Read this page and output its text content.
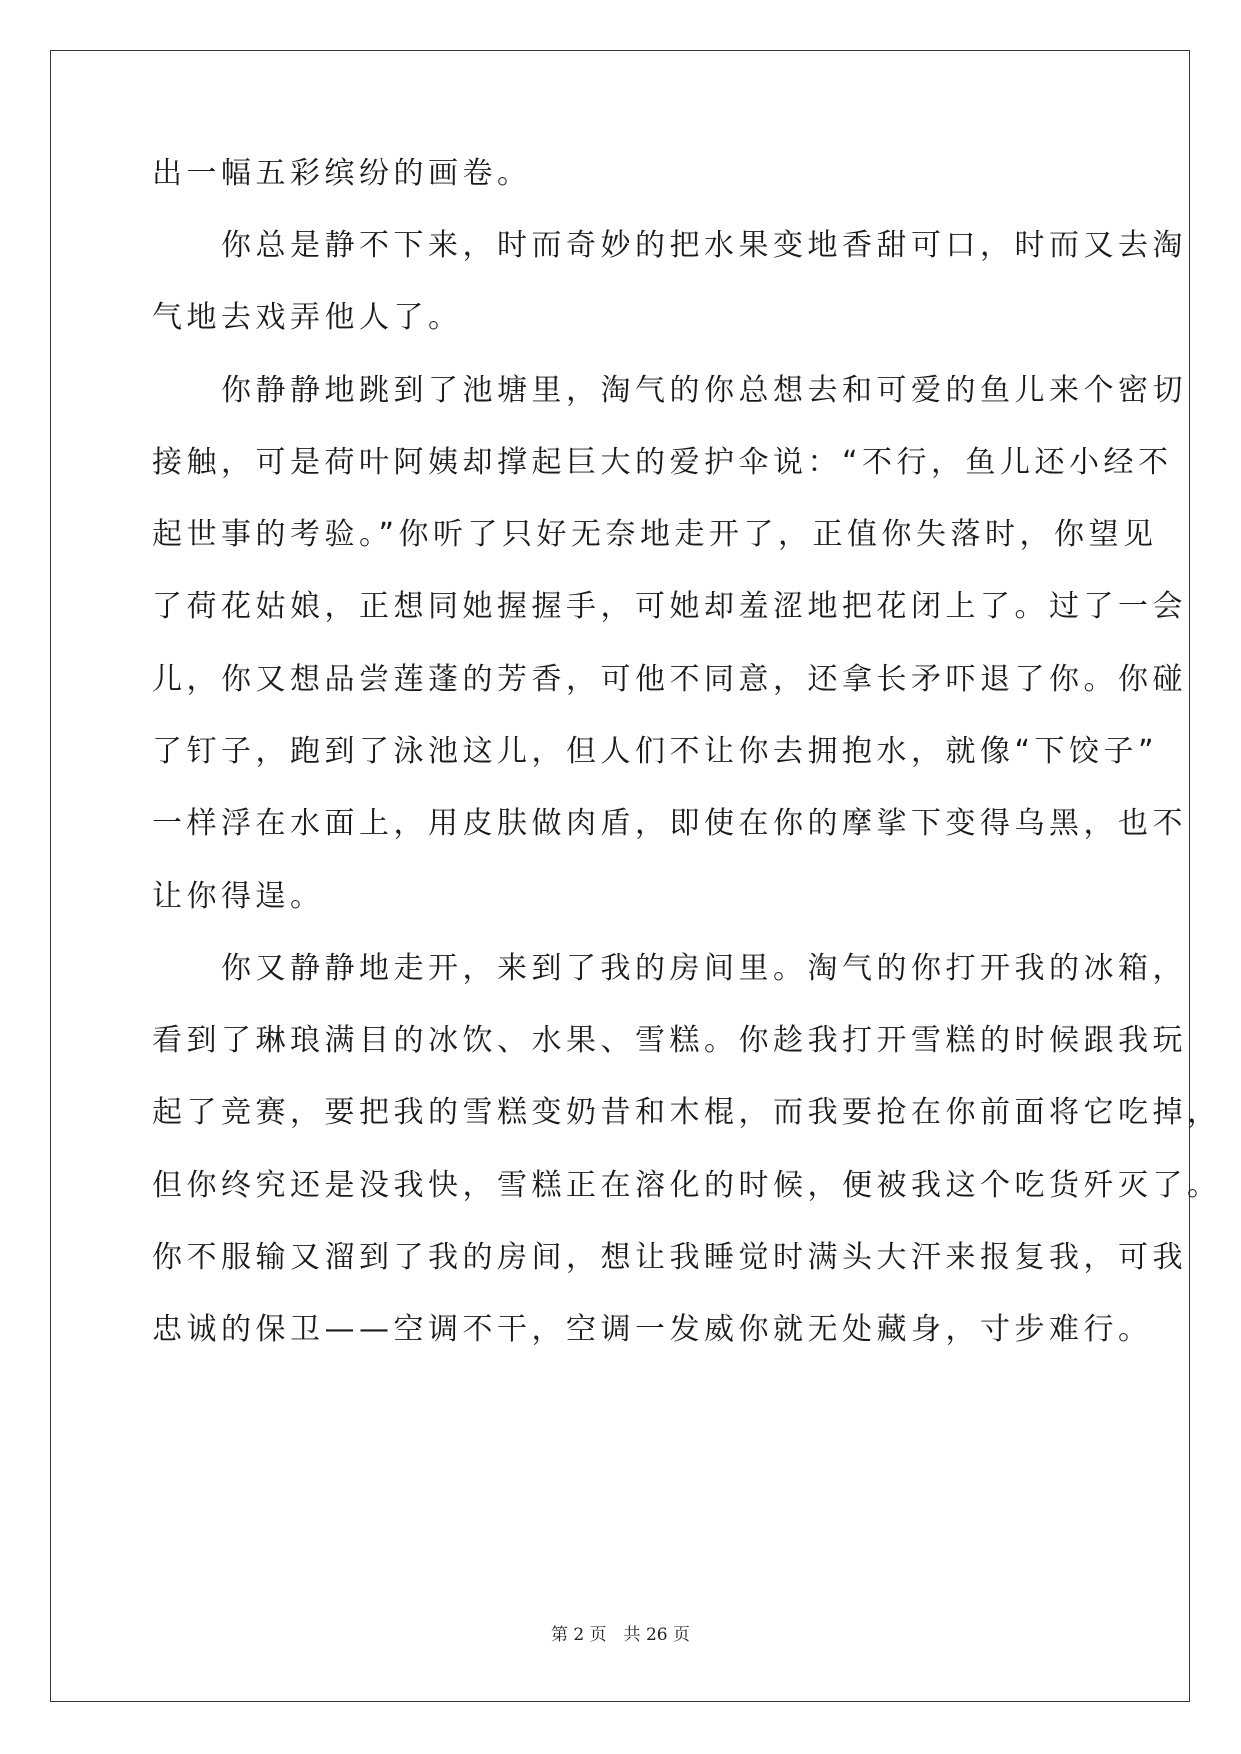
出一幅五彩缤纷的画卷。
　　你总是静不下来，时而奇妙的把水果变地香甜可口，时而又去淘
气地去戏弄他人了。
　　你静静地跳到了池塘里，淘气的你总想去和可爱的鱼儿来个密切
接触，可是荷叶阿姨却撑起巨大的爱护伞说：“不行，鱼儿还小经不
起世事的考验。”你听了只好无奈地走开了，正值你失落时，你望见
了荷花姑娘，正想同她握握手，可她却羞涩地把花闭上了。过了一会
儿，你又想品尝莲蓬的芳香，可他不同意，还拿长矛吓退了你。你碰
了钉子，跑到了泳池这儿，但人们不让你去拥抱水，就像“下饺子”
一样浮在水面上，用皮肤做肉盾，即使在你的摩挲下变得乌黑，也不
让你得逞。
　　你又静静地走开，来到了我的房间里。淘气的你打开我的冰箱，
看到了琳琅满目的冰饮、水果、雪糕。你趁我打开雪糕的时候跟我玩
起了竞赛，要把我的雪糕变奶昔和木棍，而我要抢在你前面将它吃掉，
但你终究还是没我快，雪糕正在溶化的时候，便被我这个吃货歼灭了。
你不服输又溜到了我的房间，想让我睡觉时满头大汗来报复我，可我
忠诚的保卫——空调不干，空调一发威你就无处藏身，寸步难行。
第 2 页　共 26 页
